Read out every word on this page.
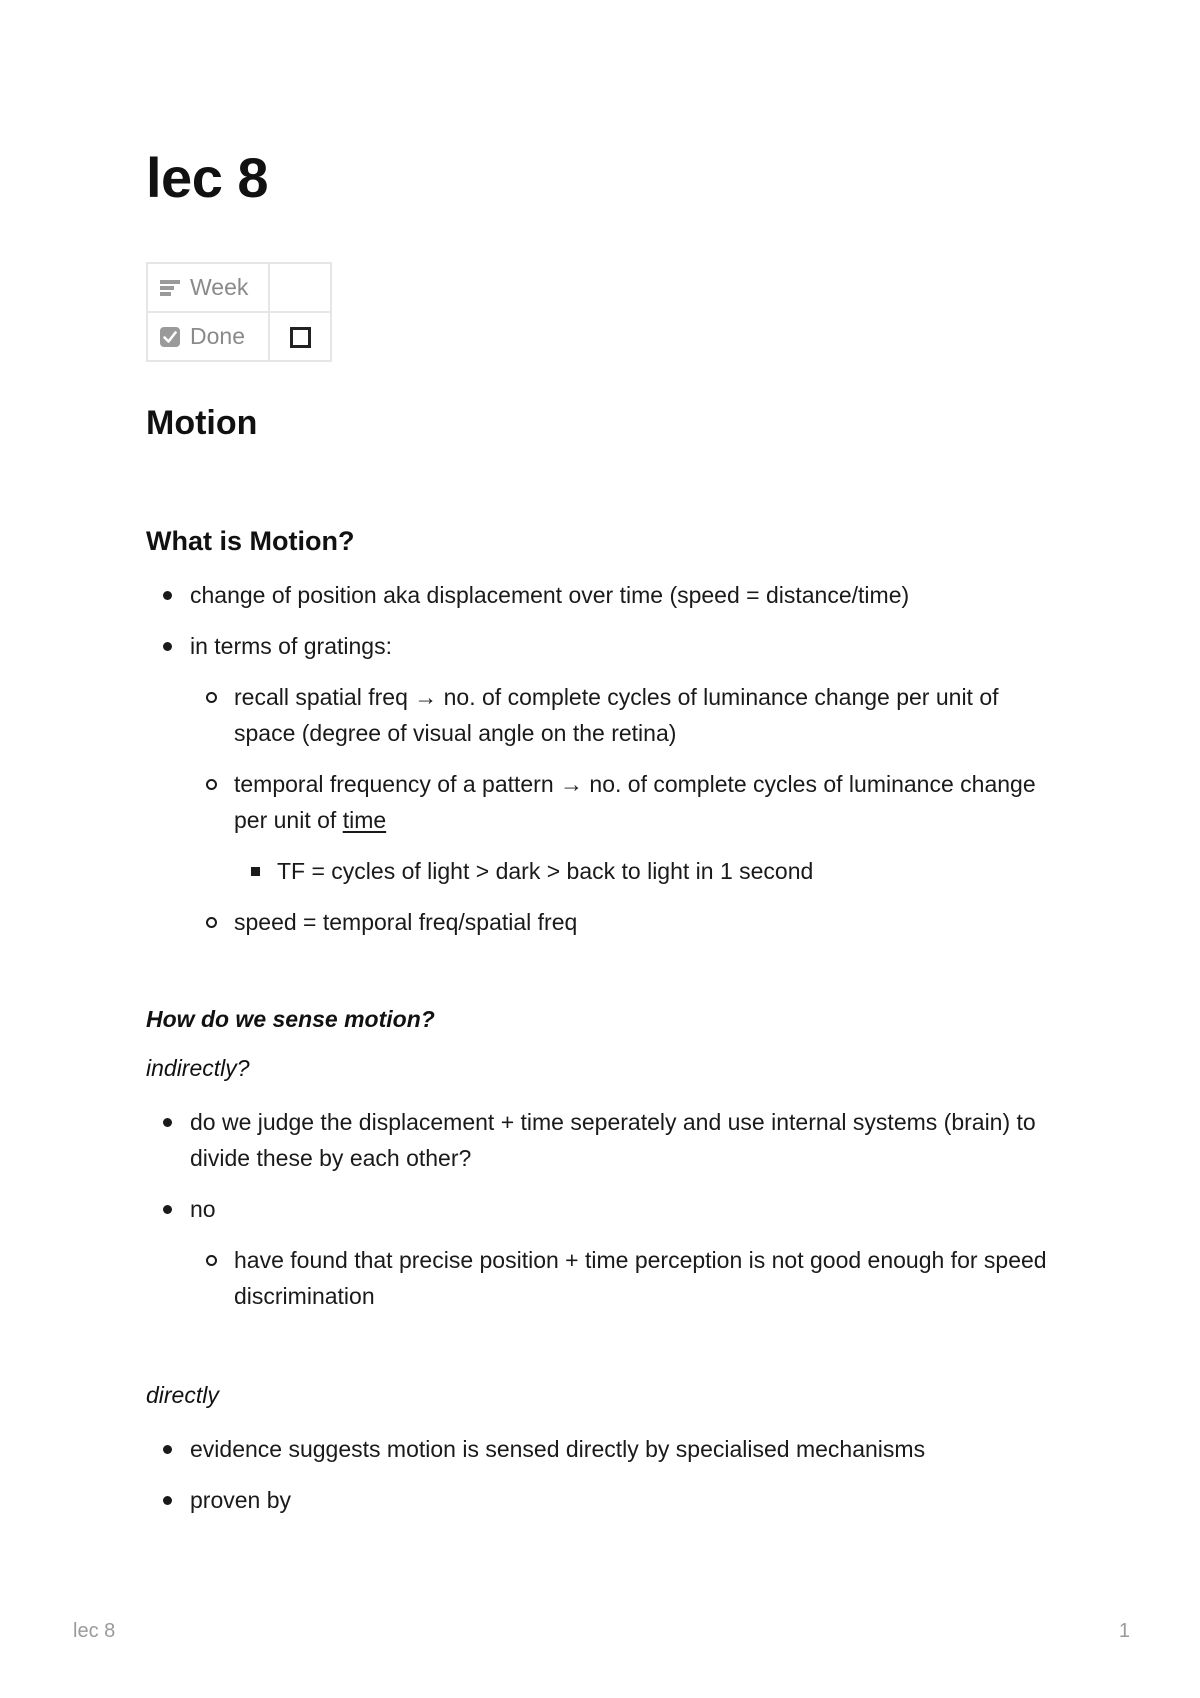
lec 8
Week	

Done	

Motion
What is Motion?
change of position aka displacement over time (speed = distance/time)
in terms of gratings:
recall spatial freq → no. of complete cycles of luminance change per unit of space (degree of visual angle on the retina)
temporal frequency of a pattern → no. of complete cycles of luminance change per unit of time
TF = cycles of light > dark > back to light in 1 second
speed = temporal freq/spatial freq
How do we sense motion?

indirectly?

do we judge the displacement + time seperately and use internal systems (brain) to divide these by each other?
no
have found that precise position + time perception is not good enough for speed discrimination

directly

evidence suggests motion is sensed directly by specialised mechanisms
proven by
lec 8	1
